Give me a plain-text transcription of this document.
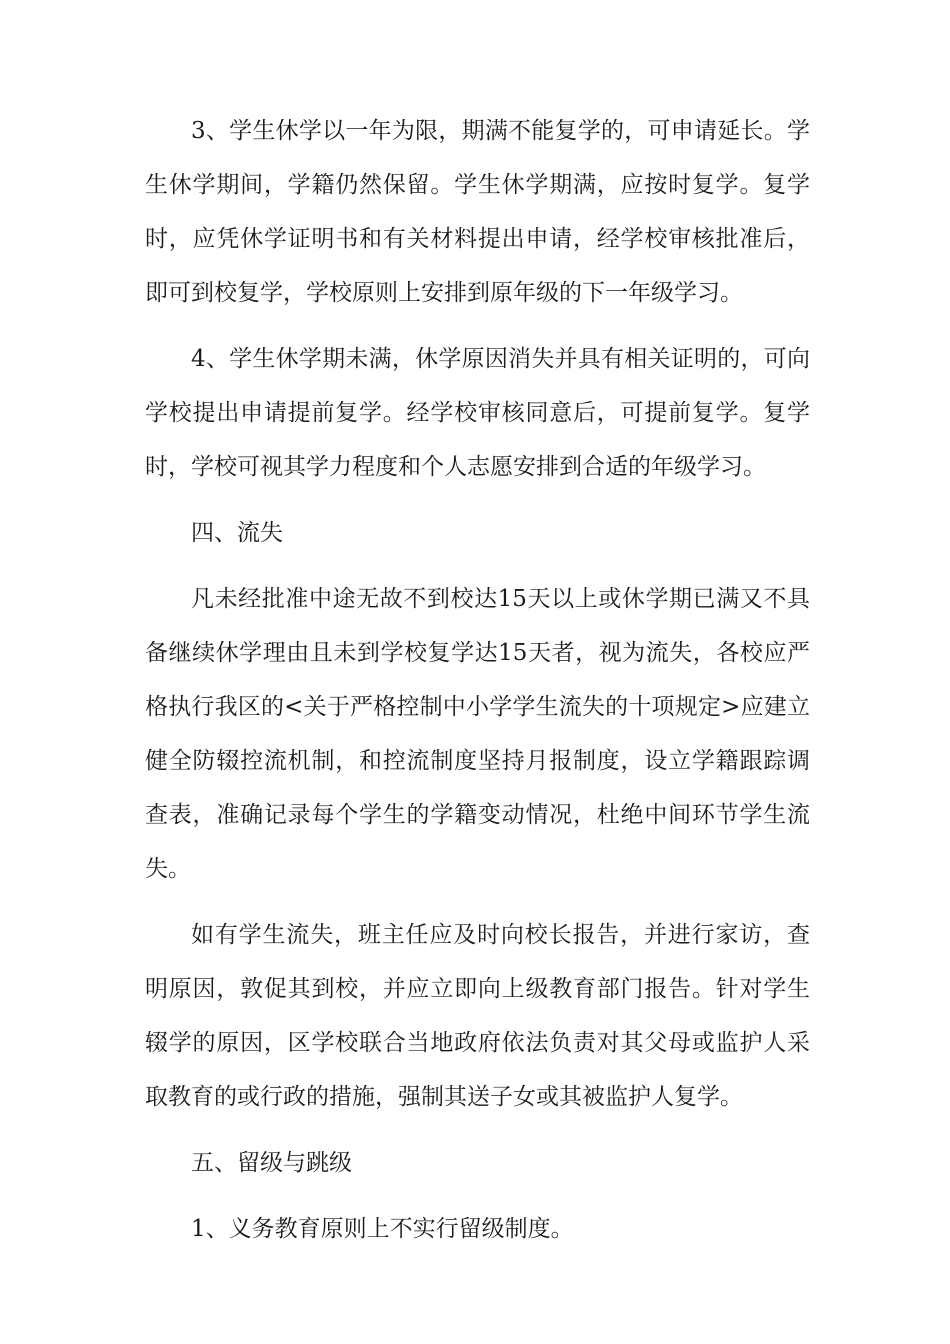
3、学生休学以一年为限，期满不能复学的，可申请延长。学生休学期间，学籍仍然保留。学生休学期满，应按时复学。复学时，应凭休学证明书和有关材料提出申请，经学校审核批准后，即可到校复学，学校原则上安排到原年级的下一年级学习。

4、学生休学期未满，休学原因消失并具有相关证明的，可向学校提出申请提前复学。经学校审核同意后，可提前复学。复学时，学校可视其学力程度和个人志愿安排到合适的年级学习。

四、流失

凡未经批准中途无故不到校达15天以上或休学期已满又不具备继续休学理由且未到学校复学达15天者，视为流失，各校应严格执行我区的<关于严格控制中小学学生流失的十项规定>应建立健全防辍控流机制，和控流制度坚持月报制度，设立学籍跟踪调查表，准确记录每个学生的学籍变动情况，杜绝中间环节学生流失。

如有学生流失，班主任应及时向校长报告，并进行家访，查明原因，敦促其到校，并应立即向上级教育部门报告。针对学生辍学的原因，区学校联合当地政府依法负责对其父母或监护人采取教育的或行政的措施，强制其送子女或其被监护人复学。

五、留级与跳级

1、义务教育原则上不实行留级制度。
